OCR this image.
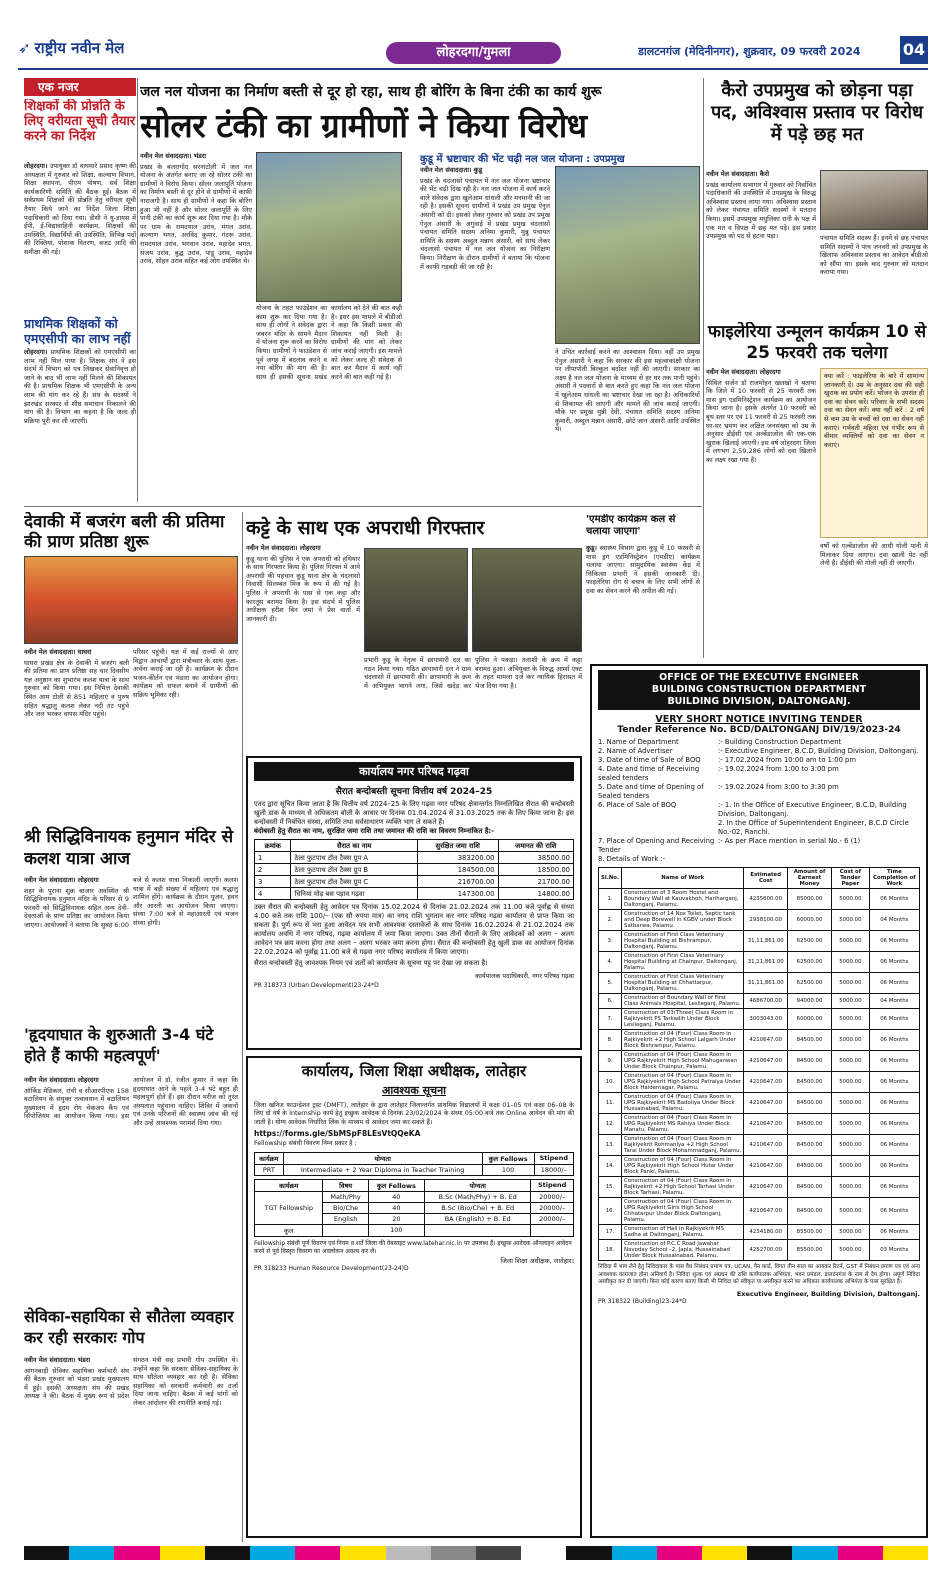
➶ राष्ट्रीय नवीन मेल	लोहरदगा/गुमला	डालटनगंज (मेदिनीनगर), शुक्रवार, 09 फरवरी 2024	04
एक नजर
शिक्षकों की प्रोन्नति के लिए वरीयता सूची तैयार करने का निर्देश
लोहरदगा। उपायुक्त डॉ वाघमारे प्रसाद कृष्ण की अध्यक्षता में गुरुवार को शिक्षा, कल्याण विभाग, शिक्षा स्थापना, पीएम पोषण, सर्व शिक्षा कार्यकारिणी समिति की बैठक हुई। बैठक में सर्वप्रथम शिक्षकों की प्रोन्नति हेतु वरीयता सूची तैयार किये जाने का निर्देश जिला शिक्षा पदाधिकारी को दिया गया। डीसी ने यू-डायस में ईपी, ई-विद्यावाहिनी कार्यक्रम, शिक्षकों की उपस्थिति, विद्यार्थियों की उपस्थिति, विभिन्न पदों की रिक्तियां, पोशाक वितरण, बजट आदि की समीक्षा की गई।
प्राथमिक शिक्षकों को एमएसीपी का लाभ नहीं
लोहरदगा। प्राथमिक शिक्षकों को एमएसीपी का लाभ नहीं मिल पाया है। शिक्षक संघ ने इस संदर्भ में विभाग को पत्र लिखकर सेवानिवृत्त हो जाने के बाद भी लाभ नहीं मिलने की शिकायत की है। प्राथमिक शिक्षक भी एमएसीपी के अन्य लाभ की मांग कर रहे हैं। संघ के सदस्यों ने झारखंड सरकार से शीघ्र समाधान निकालने की मांग की है। विभाग का कहना है कि जल्द ही प्रक्रिया पूरी कर ली जाएगी।
जल नल योजना का निर्माण बस्ती से दूर हो रहा, साथ ही बोरिंग के बिना टंकी का कार्य शुरू
सोलर टंकी का ग्रामीणों ने किया विरोध

नवीन मेल संवाददाता। भंडरा

प्रखंड के बलरागोद सरनाटोली में जल नल योजना के अंतर्गत बनाए जा रहे सोलर टंकी का ग्रामीणों ने विरोध किया। सोलर जलापूर्ति योजना का निर्माण बस्ती से दूर होने से ग्रामीणों में काफी नाराजगी है। साथ ही ग्रामीणों ने कहा कि बोरिंग हुआ भी नहीं है और सोलर जलापूर्ति के लिए पानी टंकी का कार्य शुरू कर दिया गया है। मौके पर ग्राम के रामदयाल उरांव, मंगल उरांव, कल्याण भगत, अरविंद कुमार, गंदरू उरांव, रामदयाल उरांव, भगवान उरांव, महादेव भगत, संजय उरांव, बुद्ध उरांव, पांडू उरांव, महादेव उरांव, सोहन उरांव सहित कई लोग उपस्थित थे।

योजना के तहत फाउंडेशन का काम शुरू कर दिया गया है। साथ ही लोगों ने संवेदक द्वारा जबरन मंदिर के सामने मैदान में योजना शुरू करने का विरोध किया। ग्रामीणों ने फाउंडेशन से पूर्व जगह में बदलाव करने व नया बोरिंग की मांग की है। साथ ही इसकी सूचना प्रखंड कार्यालय को देने की बात कही है। इधर इस मामले में बीडीओ ने कहा कि किसी प्रकार की शिकायत नहीं मिली है। ग्रामीणों की मांग को लेकर जांच कराई जाएगी। इस मामले को लेकर जल्द ही संवेदक से बात कर मैदान में कार्य नहीं करने की बात कही गई है।
कुडू में भ्रष्टाचार की भेंट चढ़ी नल जल योजना : उपप्रमुख

नवीन मेल संवाददाता। कुडू

प्रखंड के चंदलासो पंचायत में नल जल योजना भ्रष्टाचार की भेंट चढ़ी दिख रही है। नल जल योजना में कार्य करने वाले संवेदक द्वारा खुलेआम धांधली और मनमानी की जा रही है। इसकी सूचना ग्रामीणों ने प्रखंड उप प्रमुख ऐनुल अंसारी को दी। इसको लेकर गुरुवार को प्रखंड उप प्रमुख ऐनुल अंसारी के अगुवाई में प्रखंड प्रमुख चंदलासो पंचायत समिति सदस्य अनिमा कुमारी, मुन्नु पंचायत समिति के सदस्य अब्दुल मन्नान अंसारी, को साथ लेकर चंदलासो पंचायत में नल जल योजना का निरीक्षण किया। निरीक्षण के दौरान ग्रामीणों ने बताया कि योजना में काफी गड़बड़ी की जा रही है।

ने उचित कार्रवाई करने का आश्वासन दिया। वहीं उप प्रमुख ऐनुल अंसारी ने कहा कि सरकार की इस महत्वाकांक्षी योजना पर लीपापोती बिल्कुल बर्दाश्त नहीं की जाएगी। सरकार का लक्ष्य है नल जल योजना के माध्यम से हर घर तक पानी पहुंचे। अंसारी ने पदवारों से बात करते हुए कहा कि नल जल योजना में खुलेआम धांधली का भ्रष्टाचार देखा जा रहा है। अधिकारियों से शिकायत की जाएगी और मामले की जांच कराई जाएगी। मौके पर प्रमुख मुन्नी देवी, पंचायत समिति सदस्य अनिमा कुमारी, अब्दुल मन्नान अंसारी, छोटे जान अंसारी आदि उपस्थित थे।
कैरो उपप्रमुख को छोड़ना पड़ा पद, अविश्वास प्रस्ताव पर विरोध में पड़े छह मत

नवीन मेल संवाददाता। कैरो

प्रखंड कार्यालय सभागार में गुरुवार को निर्वाचित पदाधिकारी की उपस्थिति में उपप्रमुख के विरुद्ध अविश्वास प्रस्ताव लाया गया। अविश्वास प्रस्ताव को लेकर पंचायत समिति सदस्यों ने मतदान किया। इसमें उपप्रमुख मधुलिका रानी के पक्ष में एक मत व विपक्ष में छह मत पड़े। इस प्रकार उपप्रमुख को पद से हटना पड़ा।	पंचायत समिति सदस्य हैं। इनमें से छह पंचायत समिति सदस्यों ने पांच जनवरी को उपप्रमुख के खिलाफ अविश्वास प्रस्ताव का आवेदन बीडीओ को सौंपा था। इसके बाद गुरुवार को मतदान कराया गया।
फाइलेरिया उन्मूलन कार्यक्रम 10 से 25 फरवरी तक चलेगा

नवीन मेल संवाददाता। लोहरदगा

सिविल सर्जन डॉ राजमोहन खलखो ने बताया कि जिले में 10 फरवरी से 25 फरवरी तक मास ड्रग एडमिनिस्ट्रेशन कार्यक्रम का आयोजन किया जाना है। इसके अंतर्गत 10 फरवरी को बूथ स्तर पर एवं 11 फरवरी से 25 फरवरी तक घर-घर भ्रमण कर लक्षित जनसंख्या को उम्र के अनुसार डीईसी एवं अल्बेंडाजोल की एक-एक खुराक खिलाई जाएगी। इस वर्ष लोहरदगा जिला में लगभग 2,59,286 लोगों को दवा खिलाने का लक्ष्य रखा गया है।

क्या करें : फाइलेरिया के बारे में सामान्य जानकारी दें। उम्र के अनुसार दवा की सही खुराक का प्रयोग करें। भोजन के उपरांत ही दवा का सेवन करें। परिवार के सभी सदस्य दवा का सेवन करें। क्या नहीं करें : 2 वर्ष से कम उम्र के बच्चों को दवा का सेवन नहीं कराएं। गर्भवती महिला एवं गंभीर रूप से बीमार व्यक्तियों को दवा का सेवन न कराएं।
वर्षों को एल्बेंडाजोल की आधी गोली पानी में मिलाकर दिया जाएगा। दवा खाली पेट नहीं लेनी है। डीईसी की गोली नहीं दी जाएगी।
देवाकी में बजरंग बली की प्रतिमा की प्राण प्रतिष्ठा शुरू

नवीन मेल संवाददाता। घाघरा

घाघरा प्रखंड क्षेत्र के देवाकी में बजरंग बली की प्रतिमा का प्राण प्रतिष्ठा सह चार दिवसीय यज्ञ अनुष्ठान का शुभारंभ कलश यात्रा के साथ गुरुवार को किया गया। इस निमित्त देवाकी स्थित आम टोली से 851 महिलाएं व पुरुष सहित श्रद्धालु कलश लेकर नदी तट पहुंचे और जल भरकर वापस मंदिर पहुंचे।

परिसर पहुंची। यज्ञ में कई राज्यों से आए विद्वान आचार्यों द्वारा मंत्रोच्चार के साथ पूजा-अर्चना कराई जा रही है। कार्यक्रम के दौरान भजन-कीर्तन एवं भंडारा का आयोजन होगा। कार्यक्रम को सफल बनाने में ग्रामीणों की सक्रिय भूमिका रही।
कट्टे के साथ एक अपराधी गिरफ्तार

नवीन मेल संवाददाता। लोहरदगा

कुडू थाना की पुलिस ने एक अपराधी को हथियार के साथ गिरफ्तार किया है। पुलिस गिरफ्त में आये अपराधी की पहचान कुडू थाना क्षेत्र के चंदलासो निवासी सिलम्बत मिंज के रूप में की गई है। पुलिस ने अपराधी के पास से एक कट्टा और कारतूस बरामद किया है। इस संदर्भ में पुलिस अधीक्षक हरीश बिन जमां ने प्रेस वार्ता में जानकारी दी।

प्रभारी कुडू के नेतृत्व में छापामारी दल का गठन किया गया। गठित छापामारी दल ने ग्राम चंदलासो में छापामारी की। छापामारी के क्रम में अभियुक्त भागने लगा, जिसे खदेड़ कर पुलिस ने पकड़ा। तलाशी के क्रम में कट्टा बरामद हुआ। अभियुक्त के विरुद्ध आर्म्स एक्ट के तहत मामला दर्ज कर न्यायिक हिरासत में भेज दिया गया है।
'एमडीए कार्यक्रम कल से चलाया जाएगा'
कुडू। स्वास्थ्य विभाग द्वारा कुडू में 10 फरवरी से मास ड्रग एडमिनिस्ट्रेशन (एमडीए) कार्यक्रम चलाया जाएगा। सामुदायिक स्वास्थ्य केंद्र में चिकित्सा प्रभारी ने इसकी जानकारी दी। फाइलेरिया रोग से बचाव के लिए सभी लोगों से दवा का सेवन करने की अपील की गई।
श्री सिद्धिविनायक हनुमान मंदिर से कलश यात्रा आज

नवीन मेल संवाददाता। लोहरदगा

शहर के पुराना शुक्र बाजार अवस्थित श्री सिद्धिविनायक हनुमान मंदिर के परिसर से 9 फरवरी को सिद्धिविनायक सहित अन्य देवी-देवताओं के प्राण प्रतिष्ठा का आयोजन किया जाएगा। आयोजकों ने बताया कि सुबह 6:00 बजे से कलश यात्रा निकाली जाएगी। कलश यात्रा में बड़ी संख्या में महिलाएं एवं श्रद्धालु शामिल होंगे। कार्यक्रम के दौरान पूजन, हवन और आरती का आयोजन किया जाएगा। संध्या 7:00 बजे से महाआरती एवं भजन संध्या होगी।

'हृदयाघात के शुरुआती 3-4 घंटे होते हैं काफी महत्वपूर्ण'

नवीन मेल संवाददाता। लोहरदगा

ऑर्किड मेडिकल, रांची व सीआरपीएफ 158 बटालियन के संयुक्त तत्वावधान में बटालियन मुख्यालय में हृदय रोग चेकअप कैंप एवं सिंपोजियम का आयोजन किया गया। इस आयोजन में डॉ. रंजीत कुमार ने कहा कि हृदयाघात आने के पहले 3-4 घंटे बहुत ही महत्वपूर्ण होते हैं। इस दौरान मरीज को तुरंत अस्पताल पहुंचाना चाहिए। शिविर में जवानों एवं उनके परिजनों की स्वास्थ्य जांच की गई और उन्हें आवश्यक परामर्श दिया गया।

सेविका-सहायिका से सौतेला व्यवहार कर रही सरकारः गोप

नवीन मेल संवाददाता। भंडरा

आंगनबाड़ी सेविका सहायिका कर्मचारी संघ की बैठक गुरुवार को भंडरा प्रखंड मुख्यालय में हुई। इसकी अध्यक्षता संघ की प्रखंड अध्यक्ष ने की। बैठक में मुख्य रूप से प्रदेश संगठन मंत्री सह प्रभारी गोप उपस्थित थे। उन्होंने कहा कि सरकार सेविका-सहायिका के साथ सौतेला व्यवहार कर रही है। सेविका सहायिका को सरकारी कर्मचारी का दर्जा दिया जाना चाहिए। बैठक में कई मांगों को लेकर आंदोलन की रणनीति बनाई गई।

कार्यालय नगर परिषद गढ़वा
सैरात बन्दोबस्ती सूचना वित्तीय वर्ष 2024–25
एतद द्वारा सूचित किया जाता है कि वित्तीय वर्ष 2024–25 के लिए गढ़वा नगर परिषद क्षेत्रान्तर्गत निम्नलिखित सैरात की बन्दोबस्ती खुली डाक के माध्यम से अधिकतम बोली के आधार पर दिनांक 01.04.2024 से 31.03.2025 तक के लिए किया जाना है। इस बन्दोबस्ती में निबंधित संस्था, समिति तथा सर्वसाधारण व्यक्ति भाग ले सकते हैं।
बंदोबस्ती हेतु सैरात का नाम, सुरक्षित जमा राशि तथा जमानत की राशि का विवरण निम्नांकित है:-
क्रमांक	सैरात का नाम	सुरक्षित जमा राशि	जमानत की राशि
1	ठेला फुटपाथ टॉल टैक्स ग्रुप A	383200.00	38500.00
2	ठेला फुटपाथ टॉल टैक्स ग्रुप B	184500.00	18500.00
3	ठेला फुटपाथ टॉल टैक्स ग्रुप C	216700.00	21700.00
4	धिनियां मोड़ बस पड़ाव गढ़वा	147300.00	14800.00
उक्त सैरात की बन्दोबस्ती हेतु आवेदन पत्र दिनांक 15.02.2024 से दिनांक 21.02.2024 तक 11.00 बजे पूर्वाह्न से संध्या 4.00 बजे तक राशि 100/– (एक सौ रुपया मात्र) का नगद राशि भुगतान कर नगर परिषद गढ़वा कार्यालय से प्राप्त किया जा सकता है। पूर्ण रूप से भरा हुआ आवेदन पत्र सभी आवश्यक दस्तावेजों के साथ दिनांक 16.02.2024 से 21.02.2024 तक कार्यालय अवधि में नगर परिषद, गढ़वा कार्यालय में जमा किया जाएगा। उक्त तीनों सैरातों के लिए आवेदकों को अलग – अलग आवेदन पत्र क्रय करना होगा तथा अलग – अलग भरकर जमा करना होगा। सैरात की बन्दोबस्ती हेतु खुली डाक का आयोजन दिनांक 22.02.2024 को पूर्वाह्न 11.00 बजे से गढ़वा नगर परिषद कार्यालय में किया जाएगा।
सैरात बन्दोबस्ती हेतु आवश्यक नियम एवं शर्तों को कार्यालय के सूचना पट्ट पर देखा जा सकता है।
कार्यपालक पदाधिकारी, नगर परिषद गढ़वा
PR 318373 (Urban Development)23-24*D
कार्यालय, जिला शिक्षा अधीक्षक, लातेहार
आवश्यक सूचना
जिला खनिज फाउन्डेशन ट्रस्ट (DMFT), लातेहार के द्वारा लातेहार जिलान्तर्गत प्राथमिक विद्यालयों में कक्षा 01–05 एवं कक्षा 06–08 के लिए दो वर्ष के Internship कार्य हेतु इच्छुक आवेदक से दिनांक 23/02/2024 के संध्या 05:00 बजे तक Online आवेदन की मांग की जाती है। योग्य आवेदक निर्धारित लिंक के माध्यम से आवेदन जमा कर सकते हैं।
https://forms.gle/SbMSpF8LEsVtQQeKA
Fellowship संबंधी विवरण निम्न प्रकार है :
कार्यक्रम	योग्यता	कुल Fellows	Stipend
PRT	Intermediate + 2 Year Diploma in Teacher Training	100	18000/–
कार्यक्रम	विषय	कुल Fellows	योग्यता	Stipend
TGT Fellowship	Math/Phy	40	B.Sc (Math/Phy) + B. Ed	20000/–
	Bio/Che	40	B.Sc (Bio/Che) + B. Ed	20000/–
	English	20	BA (English) + B. Ed	20000/–
कुल		100		
Fellowship संबंधी पूर्ण विवरण एवं नियम व शर्तें जिला की वेबसाइट www.latehar.nic.in पर उपलब्ध हैं। इच्छुक आवेदक ऑनलाइन आवेदन करने से पूर्व विस्तृत विवरण का अवलोकन अवश्य कर लें।
जिला शिक्षा अधीक्षक, लातेहार।
PR 318233 Human Resource Development(23-24)D
OFFICE OF THE EXECUTIVE ENGINEER
BUILDING CONSTRUCTION DEPARTMENT
BUILDING DIVISION, DALTONGANJ.
VERY SHORT NOTICE INVITING TENDER
Tender Reference No. BCD/DALTONGANJ DIV/19/2023-24
1. Name of Department	:- Building Construction Department
2. Name of Advertiser	:- Executive Engineer, B.C.D, Building Division, Daltonganj.
3. Date of time of Sale of BOQ	:- 17.02.2024 from 10:00 am to 1:00 pm
4. Date and time of Receiving sealed tenders
:- 19.02.2024 from 1:00 to 3:00 pm
5. Date and time of Opening of Sealed tenders
:- 19.02.2024 from 3:00 to 3:30 pm
6. Place of Sale of BOQ	:- 1. In the Office of Executive Engineer, B.C.D, Building Division, Daltonganj.
2. In the Office of Superintendent Engineer, B.C.D Circle No.-02, Ranchi.
7. Place of Opening and Receiving Tender
:- As per Place mention in serial No.- 6 (1)
8. Details of Work :-
Sl.No.	Name of Work	Estimated Cost	Amount of Earnest Money	Cost of Tender Paper	Time Completion of Work
1.	Construction of 3 Room Hostel and Boundary Wall at Kauvakhoh, Hariharganj, Daltonganj, Palamu.	4235600.00	85000.00	5000.00	06 Months
2.	Construction of 14 Nos Toilet, Septic tank and Deep Borewell in KGBV under Block Satbarwa, Palamu.	2938100.00	60000.00	5000.00	04 Months
3.	Construction of First Class Veterinary Hospital Building at Bishrampur, Daltonganj, Palamu.	31,11,861.00	62500.00	5000.00	06 Months
4.	Construction of First Class Veterinary Hospital Building at Chainpur, Daltonganj, Palamu.	31,11,861.00	62500.00	5000.00	06 Months
5.	Construction of First Class Veterinary Hospital Building at Chhattarpur, Daltonganj, Palamu.	31,11,861.00	62500.00	5000.00	06 Months
6.	Construction of Boundary Wall of First Class Animals Hospital, Leslieganj, Palamu.	4686700.00	94000.00	5000.00	04 Months
7.	Construction of 03(Three) Class Room in Rajkiyekrit PS Tarkadih Under Block Leslieganj, Palamu.	3003043.00	60000.00	5000.00	06 Months
8.	Construction of 04 (Four) Class Room in Rajkiyekrit +2 High School Lalgarh Under Block Bishrampur, Palamu.	4210647.00	84500.00	5000.00	06 Months
9.	Construction of 04 (Four) Class Room in UPG Rajkiyekrit High School Mahuganwan Under Block Chainpur, Palamu.	4210647.00	84500.00	5000.00	06 Months
10.	Construction of 04 (Four) Class Room in UPG Rajkiyekrit High School Patraiya Under Block Haidernagar, Palamu.	4210647.00	84500.00	5000.00	06 Months
11.	Construction of 04 (Four) Class Room in UPG Rajkiyekrit MS Badoliya Under Block Hussainabad, Palamu.	4210647.00	84500.00	5000.00	06 Months
12.	Construction of 04 (Four) Class Room in UPG Rajkiyekrit MS Rahiya Under Block Manatu, Palamu.	4210647.00	84500.00	5000.00	06 Months
13.	Construction of 04 (Four) Class Room in Rajkiyekrit Rohmaniya +2 High School Tarai Under Block Mohammadganj, Palamu.	4210647.00	84500.00	5000.00	06 Months
14.	Construction of 04 (Four) Class Room in UPG Rajkiyekrit High School Hutar Under Block Panki, Palamu.	4210647.00	84500.00	5000.00	06 Months
15.	Construction of 04 (Four) Class Room in Rajkiyekrit +2 High School Tarhasi Under Block Tarhasi, Palamu.	4210647.00	84500.00	5000.00	06 Months
16.	Construction of 04 (Four) Class Room in UPG Rajkiyekrit Girls High School Chhatarpur Under Block Daltonganj, Palamu.	4210647.00	84500.00	5000.00	06 Months
17.	Construction of Hall in Rajkiyekrit MS Sadha at Daltonganj, Palamu.	4234180.00	85500.00	5000.00	06 Months
18.	Construction of P.C.C Road Jawahar Navoday School –2, Japla, Hussainabad Under Block Hussainabad, Palamu.	4252700.00	85500.00	5000.00	03 Months
निविदा में भाग लेने हेतु निविदाकार के पास वैध निबंधन प्रमाण पत्र, UCAN, पैन कार्ड, विगत तीन साल का आयकर रिटर्न, GST में निबंधन प्रमाण पत्र एवं अन्य आवश्यक कागजात होना अनिवार्य है। निविदा शुल्क एवं अग्रधन की राशि कार्यपालक अभियंता, भवन प्रमंडल, डालटनगंज के नाम से देय होगा। अपूर्ण निविदा अस्वीकृत कर दी जाएगी। बिना कोई कारण बताए किसी भी निविदा को स्वीकृत या अस्वीकृत करने का अधिकार कार्यपालक अभियंता के पास सुरक्षित है।
Executive Engineer, Building Division, Daltonganj.
PR 318322 (Building)23-24*D
